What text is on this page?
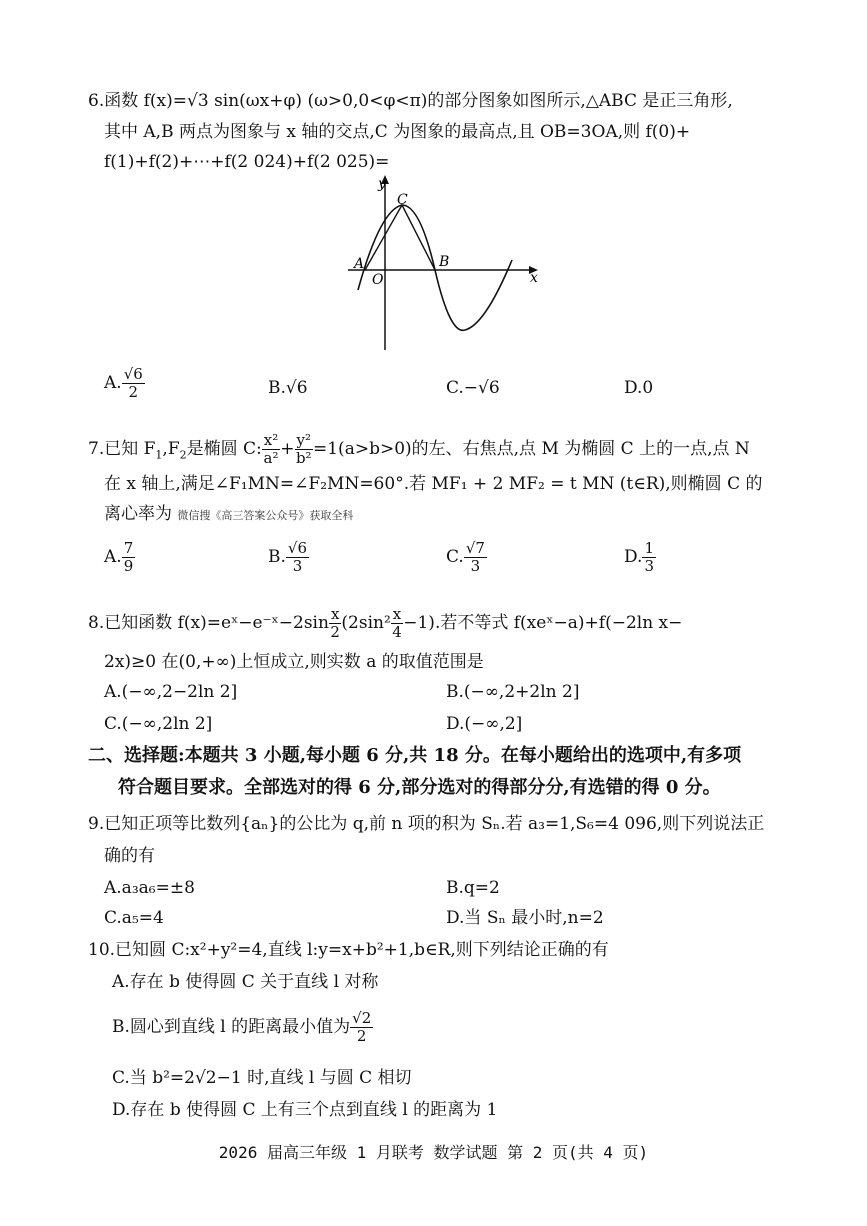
6.函数 f(x)=√3 sin(ωx+φ) (ω>0,0<φ<π)的部分图象如图所示,△ABC 是正三角形,
其中 A,B 两点为图象与 x 轴的交点,C 为图象的最高点,且 OB=3OA,则 f(0)+
f(1)+f(2)+⋯+f(2 024)+f(2 025)=
y
x
O
A	B
C
A. $\frac{√6}{2}$	B.√6	C.−√6	D.0
7.已知 $F_1,F_2$是椭圆 C: $\frac{\text{x²}}{\text{a²}} + \frac{\text{y²}}{\text{b²}} =1(a>b>0)$的左、右焦点,点 M 为椭圆 C 上的一点,点 N
在 x 轴上,满足∠F₁MN=∠F₂MN=60°.若 MF₁ + 2 MF₂ = t MN (t∈R),则椭圆 C 的
离心率为 微信搜《高三答案公众号》获取全科
A. $\frac{7}{9}$	B. $\frac{√6}{3}$	C. $\frac{√7}{3}$	D. $\frac{1}{3}$
8.已知函数 f(x)=eˣ−e⁻ˣ−2sin $\frac{x}{2} (2\sin^2 \frac{x}{4} -1)$.若不等式 f(xeˣ−a)+f(−2ln x−
2x)≥0 在(0,+∞)上恒成立,则实数 a 的取值范围是
A.(−∞,2−2ln 2]	B.(−∞,2+2ln 2]
C.(−∞,2ln 2]	D.(−∞,2]
二、选择题:本题共 3 小题,每小题 6 分,共 18 分。在每小题给出的选项中,有多项
符合题目要求。全部选对的得 6 分,部分选对的得部分分,有选错的得 0 分。
9.已知正项等比数列{aₙ}的公比为 q,前 n 项的积为 Sₙ.若 a₃=1,S₆=4 096,则下列说法正
确的有
A.a₃a₆=±8	B.q=2
C.a₅=4	D.当 Sₙ 最小时,n=2
10.已知圆 C:x²+y²=4,直线 l:y=x+b²+1,b∈R,则下列结论正确的有
A.存在 b 使得圆 C 关于直线 l 对称
B.圆心到直线 l 的距离最小值为 $\frac{√2}{2}$
C.当 b²=2√2−1 时,直线 l 与圆 C 相切
D.存在 b 使得圆 C 上有三个点到直线 l 的距离为 1
2026 届高三年级 1 月联考 数学试题 第 2 页(共 4 页)
